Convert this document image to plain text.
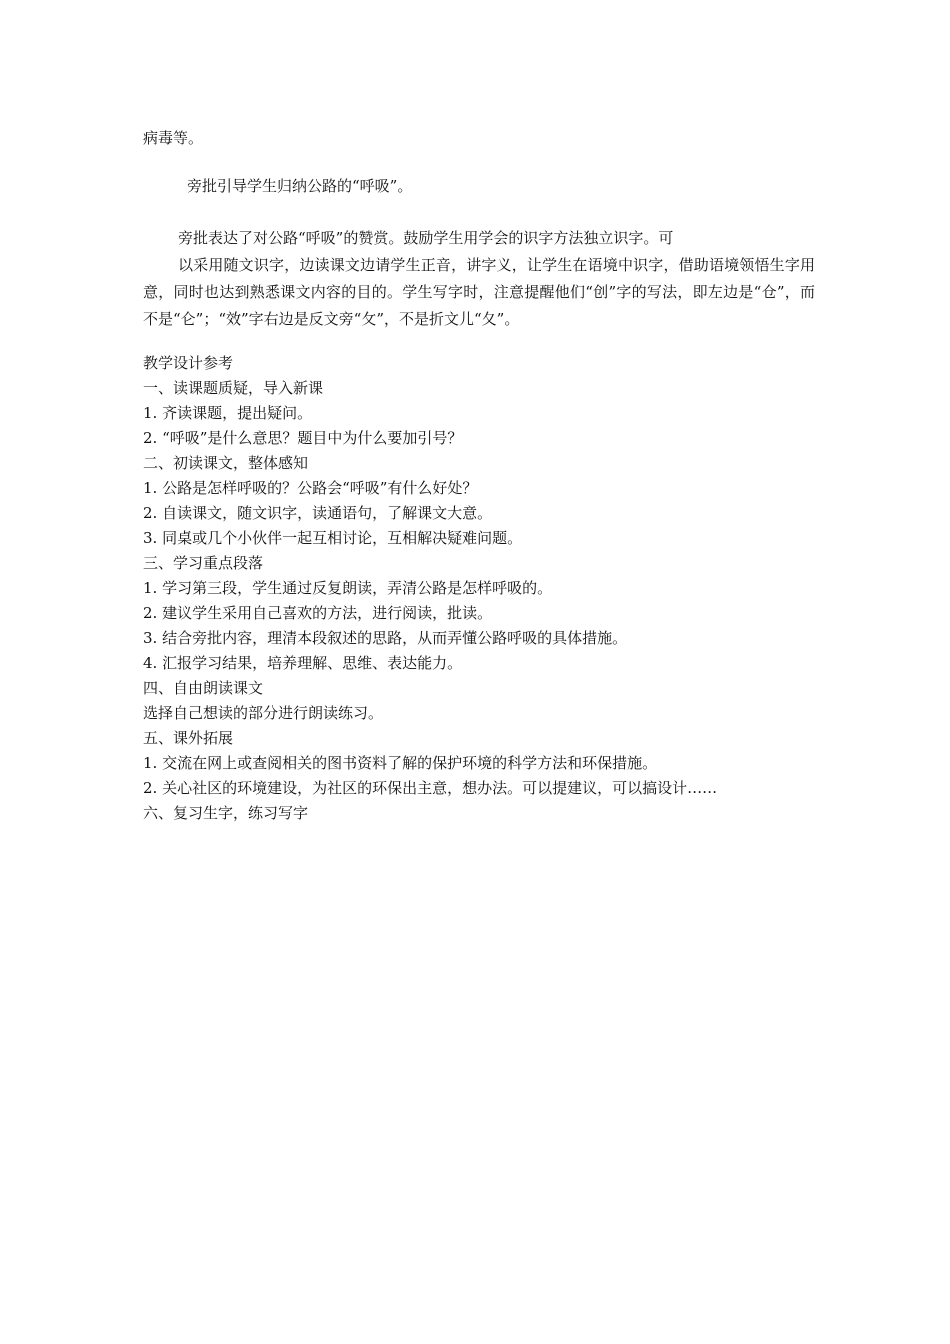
病毒等。
旁批引导学生归纳公路的“呼吸”。
旁批表达了对公路“呼吸”的赞赏。鼓励学生用学会的识字方法独立识字。可
以采用随文识字，边读课文边请学生正音，讲字义，让学生在语境中识字，借助语境领悟生字用意，同时也达到熟悉课文内容的目的。学生写字时，注意提醒他们“创”字的写法，即左边是“仓”，而不是“仑”；“效”字右边是反文旁“攵”，不是折文儿“夂”。
教学设计参考
一、读课题质疑，导入新课
1. 齐读课题，提出疑问。
2. “呼吸”是什么意思？题目中为什么要加引号？
二、初读课文，整体感知
1. 公路是怎样呼吸的？公路会“呼吸”有什么好处？
2. 自读课文，随文识字，读通语句，了解课文大意。
3. 同桌或几个小伙伴一起互相讨论，互相解决疑难问题。
三、学习重点段落
1. 学习第三段，学生通过反复朗读，弄清公路是怎样呼吸的。
2. 建议学生采用自己喜欢的方法，进行阅读，批读。
3. 结合旁批内容，理清本段叙述的思路，从而弄懂公路呼吸的具体措施。
4. 汇报学习结果，培养理解、思维、表达能力。
四、自由朗读课文
选择自己想读的部分进行朗读练习。
五、课外拓展
1. 交流在网上或查阅相关的图书资料了解的保护环境的科学方法和环保措施。
2. 关心社区的环境建设，为社区的环保出主意，想办法。可以提建议，可以搞设计……
六、复习生字，练习写字
